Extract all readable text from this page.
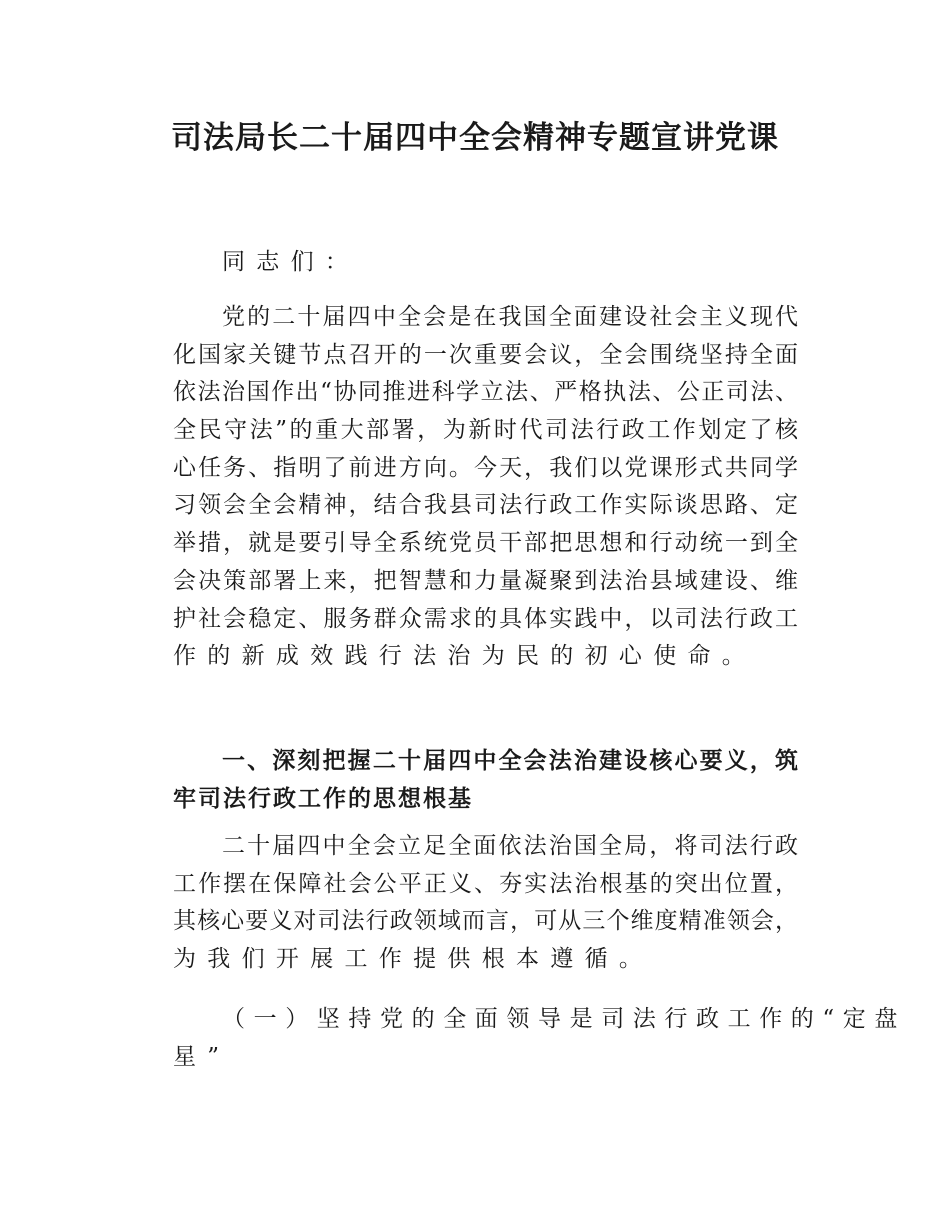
司法局长二十届四中全会精神专题宣讲党课
同志们：
党的二十届四中全会是在我国全面建设社会主义现代
化国家关键节点召开的一次重要会议，全会围绕坚持全面
依法治国作出“协同推进科学立法、严格执法、公正司法、
全民守法”的重大部署，为新时代司法行政工作划定了核
心任务、指明了前进方向。今天，我们以党课形式共同学
习领会全会精神，结合我县司法行政工作实际谈思路、定
举措，就是要引导全系统党员干部把思想和行动统一到全
会决策部署上来，把智慧和力量凝聚到法治县域建设、维
护社会稳定、服务群众需求的具体实践中，以司法行政工
作的新成效践行法治为民的初心使命。
一、深刻把握二十届四中全会法治建设核心要义，筑
牢司法行政工作的思想根基
二十届四中全会立足全面依法治国全局，将司法行政
工作摆在保障社会公平正义、夯实法治根基的突出位置，
其核心要义对司法行政领域而言，可从三个维度精准领会，
为我们开展工作提供根本遵循。
（一）坚持党的全面领导是司法行政工作的“定盘
星”
